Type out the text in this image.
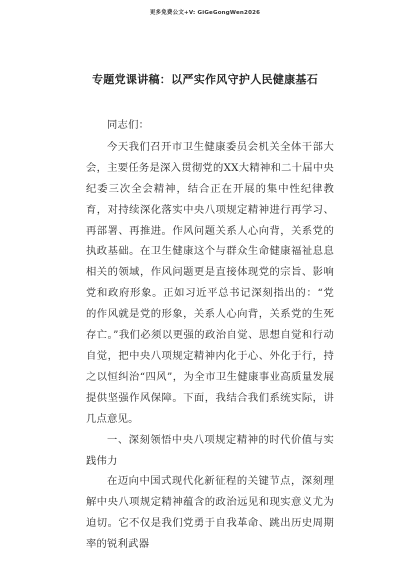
更多免费公文+V: GiGeGongWen2026
专题党课讲稿：以严实作风守护人民健康基石

同志们：

今天我们召开市卫生健康委员会机关全体干部大会，主要任务是深入贯彻党的XX大精神和二十届中央纪委三次全会精神，结合正在开展的集中性纪律教育，对持续深化落实中央八项规定精神进行再学习、再部署、再推进。作风问题关系人心向背，关系党的执政基础。在卫生健康这个与群众生命健康福祉息息相关的领域，作风问题更是直接体现党的宗旨、影响党和政府形象。正如习近平总书记深刻指出的：“党的作风就是党的形象，关系人心向背，关系党的生死存亡。”我们必须以更强的政治自觉、思想自觉和行动自觉，把中央八项规定精神内化于心、外化于行，持之以恒纠治“四风”，为全市卫生健康事业高质量发展提供坚强作风保障。下面，我结合我们系统实际，讲几点意见。

一、深刻领悟中央八项规定精神的时代价值与实践伟力

在迈向中国式现代化新征程的关键节点，深刻理解中央八项规定精神蕴含的政治远见和现实意义尤为迫切。它不仅是我们党勇于自我革命、跳出历史周期率的锐利武器
